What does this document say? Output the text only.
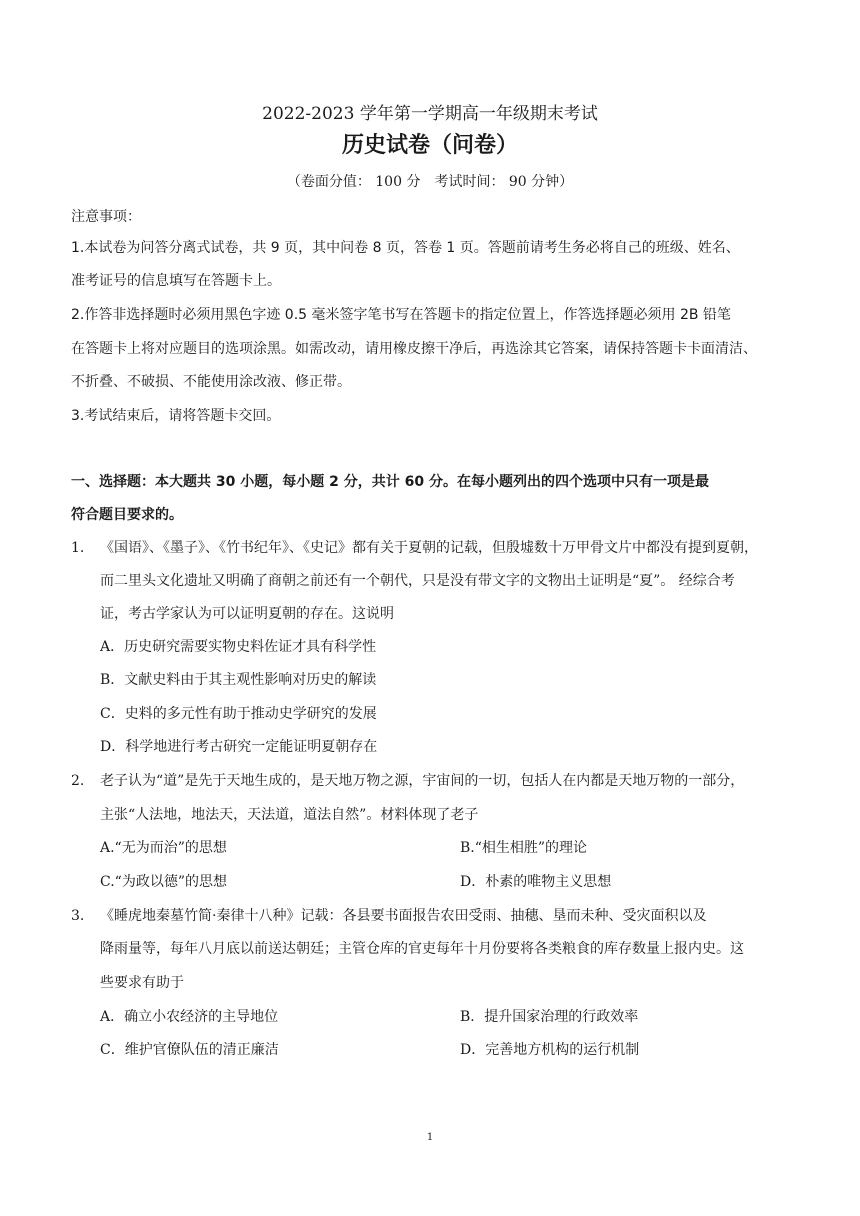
2022-2023 学年第一学期高一年级期末考试
历史试卷（问卷）
（卷面分值： 100 分　考试时间： 90 分钟）
注意事项：
1.本试卷为问答分离式试卷，共 9 页，其中问卷 8 页，答卷 1 页。答题前请考生务必将自己的班级、姓名、
准考证号的信息填写在答题卡上。
2.作答非选择题时必须用黑色字迹 0.5 毫米签字笔书写在答题卡的指定位置上，作答选择题必须用 2B 铅笔
在答题卡上将对应题目的选项涂黑。如需改动，请用橡皮擦干净后，再选涂其它答案，请保持答题卡卡面清洁、
不折叠、不破损、不能使用涂改液、修正带。
3.考试结束后，请将答题卡交回。
一、选择题：本大题共 30 小题，每小题 2 分，共计 60 分。在每小题列出的四个选项中只有一项是最
符合题目要求的。
1. 《国语》、《墨子》、《竹书纪年》、《史记》都有关于夏朝的记载，但殷墟数十万甲骨文片中都没有提到夏朝，
而二里头文化遗址又明确了商朝之前还有一个朝代，只是没有带文字的文物出土证明是“夏”。 经综合考
证，考古学家认为可以证明夏朝的存在。这说明
A．历史研究需要实物史料佐证才具有科学性
B．文献史料由于其主观性影响对历史的解读
C．史料的多元性有助于推动史学研究的发展
D．科学地进行考古研究一定能证明夏朝存在
2. 老子认为“道”是先于天地生成的，是天地万物之源，宇宙间的一切，包括人在内都是天地万物的一部分，
主张“人法地，地法天，天法道，道法自然”。材料体现了老子
A.“无为而治”的思想	B.“相生相胜”的理论
C.“为政以德”的思想	D．朴素的唯物主义思想
3. 《睡虎地秦墓竹简·秦律十八种》记载：各县要书面报告农田受雨、抽穗、垦而未种、受灾面积以及
降雨量等，每年八月底以前送达朝廷；主管仓库的官吏每年十月份要将各类粮食的库存数量上报内史。这
些要求有助于
A．确立小农经济的主导地位	B．提升国家治理的行政效率
C．维护官僚队伍的清正廉洁	D．完善地方机构的运行机制
1
